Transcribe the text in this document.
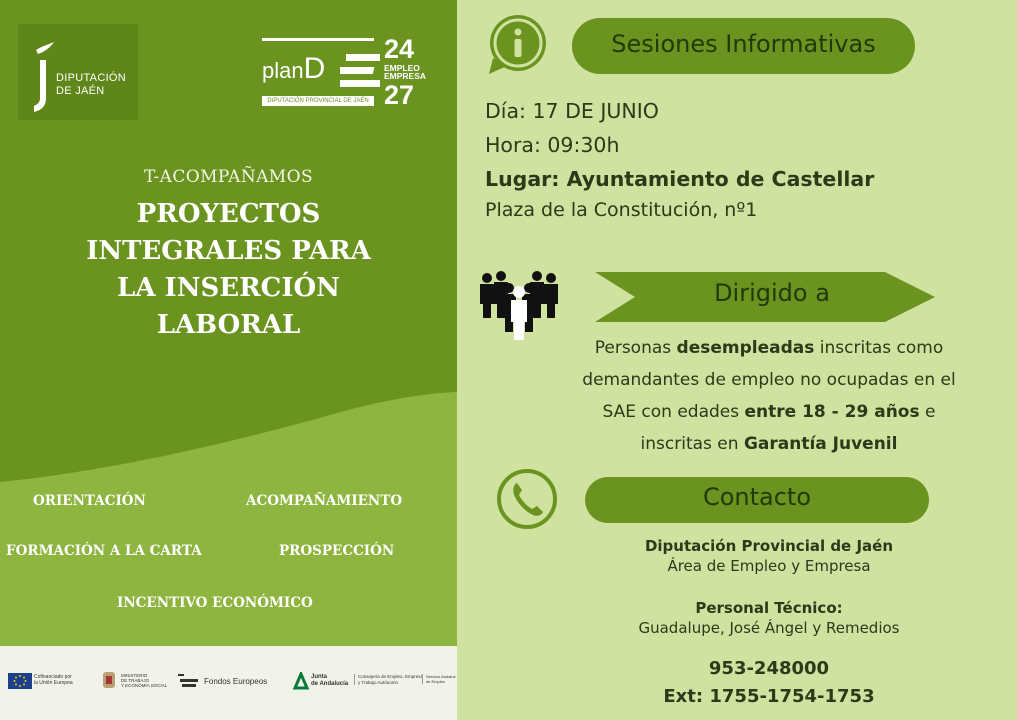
DIPUTACIÓN
DE JAÉN
planD
24
EMPLEO
EMPRESA
27
DIPUTACIÓN PROVINCIAL DE JAÉN
T-ACOMPAÑAMOS
PROYECTOS
INTEGRALES PARA
LA INSERCIÓN
LABORAL
ORIENTACIÓN	ACOMPAÑAMIENTO
FORMACIÓN A LA CARTA	PROSPECCIÓN
INCENTIVO ECONÓMICO
Cofinanciado por
la Unión Europea
MINISTERIO
DE TRABAJO
Y ECONOMÍA SOCIAL	Fondos Europeos	Junta
de Andalucía
Consejería de Empleo, Empresa
y Trabajo Autónomo
Servicio Andaluz
de Empleo
Sesiones Informativas
Día: 17 DE JUNIO
Hora: 09:30h
Lugar: Ayuntamiento de Castellar
Plaza de la Constitución, nº1
Dirigido a
Personas desempleadas inscritas como
demandantes de empleo no ocupadas en el
SAE con edades entre 18 - 29 años e
inscritas en Garantía Juvenil
Contacto
Diputación Provincial de Jaén
Área de Empleo y Empresa
Personal Técnico:
Guadalupe, José Ángel y Remedios
953-248000
Ext: 1755-1754-1753
